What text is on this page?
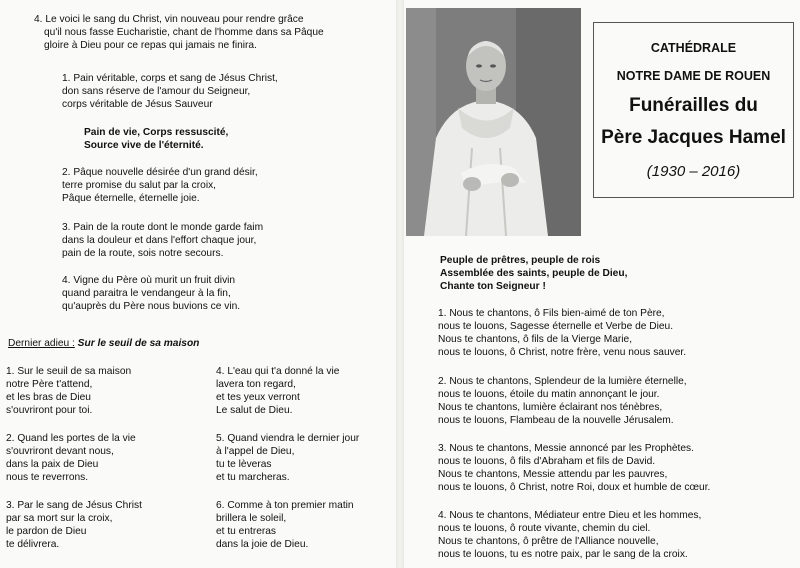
4. Le voici le sang du Christ, vin nouveau pour rendre grâce
qu'il nous fasse Eucharistie, chant de l'homme dans sa Pâque
gloire à Dieu pour ce repas qui jamais ne finira.
1. Pain véritable, corps et sang de Jésus Christ,
don sans réserve de l'amour du Seigneur,
corps véritable de Jésus Sauveur
Pain de vie, Corps ressuscité,
Source vive de l'éternité.
2. Pâque nouvelle désirée d'un grand désir,
terre promise du salut par la croix,
Pâque éternelle, éternelle joie.
3. Pain de la route dont le monde garde faim
dans la douleur et dans l'effort chaque jour,
pain de la route, sois notre secours.
4. Vigne du Père où murit un fruit divin
quand paraitra le vendangeur à la fin,
qu'auprès du Père nous buvions ce vin.
Dernier adieu : Sur le seuil de sa maison
1. Sur le seuil de sa maison
notre Père t'attend,
et les bras de Dieu
s'ouvriront pour toi.
2. Quand les portes de la vie
s'ouvriront devant nous,
dans la paix de Dieu
nous te reverrons.
3. Par le sang de Jésus Christ
par sa mort sur la croix,
le pardon de Dieu
te délivrera.
4. L'eau qui t'a donné la vie
lavera ton regard,
et tes yeux verront
Le salut de Dieu.
5. Quand viendra le dernier jour
à l'appel de Dieu,
tu te lèveras
et tu marcheras.
6. Comme à ton premier matin
brillera le soleil,
et tu entreras
dans la joie de Dieu.
CATHÉDRALE
NOTRE DAME DE ROUEN
Funérailles du
Père Jacques Hamel
(1930 – 2016)
Peuple de prêtres, peuple de rois
Assemblée des saints, peuple de Dieu,
Chante ton Seigneur !
1. Nous te chantons, ô Fils bien-aimé de ton Père,
nous te louons, Sagesse éternelle et Verbe de Dieu.
Nous te chantons, ô fils de la Vierge Marie,
nous te louons, ô Christ, notre frère, venu nous sauver.
2. Nous te chantons, Splendeur de la lumière éternelle,
nous te louons, étoile du matin annonçant le jour.
Nous te chantons, lumière éclairant nos ténèbres,
nous te louons, Flambeau de la nouvelle Jérusalem.
3. Nous te chantons, Messie annoncé par les Prophètes.
nous te louons, ô fils d'Abraham et fils de David.
Nous te chantons, Messie attendu par les pauvres,
nous te louons, ô Christ, notre Roi, doux et humble de cœur.
4. Nous te chantons, Médiateur entre Dieu et les hommes,
nous te louons, ô route vivante, chemin du ciel.
Nous te chantons, ô prêtre de l'Alliance nouvelle,
nous te louons, tu es notre paix, par le sang de la croix.
